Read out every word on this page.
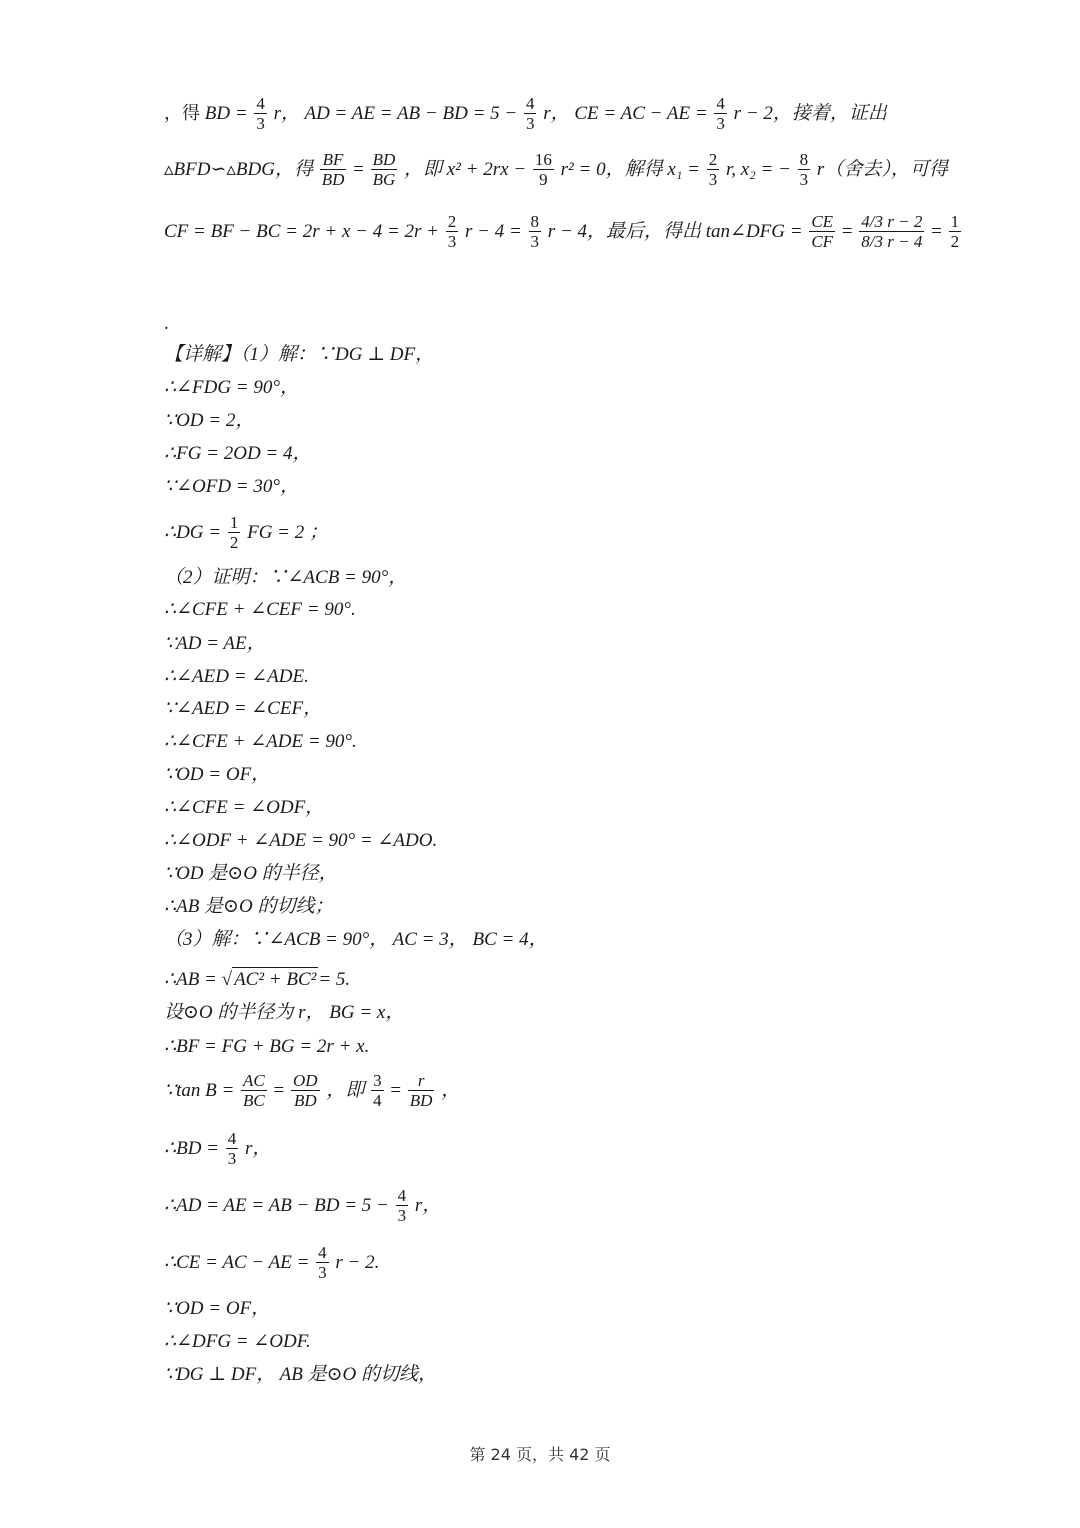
，得 BD = $\frac{4}{3}$ r， AD = AE = AB − BD = $5 - \frac{4}{3}$ r， CE = AC − AE = $\frac{4}{3}$ r − 2，接着，证出
▵BFD∽▵BDG，得 $\frac{BF}{BD} = \frac{BD}{BG}$ ，即 $x^2 + 2rx - \frac{16}{9} r^2 = 0$，解得 $x_1 = \frac{2}{3} r$, x₂ = − $\frac{8}{3} r$（舍去），可得
CF = BF − BC = $2r + x - 4 = 2r + \frac{2}{3}$ $r - 4 = \frac{8}{3}$ r − 4，最后，得出 tan∠DFG = $\frac{CE}{CF} = \frac{4/3 r - 2}{8/3 r - 4} = \frac{1}{2}$
.
【详解】（1）解：∵DG ⊥ DF，
∴∠FDG = 90°，
∵OD = 2，
∴FG = 2OD = 4，
∵∠OFD = 30°，
∴DG = $\frac{1}{2}$ FG = 2 ；
（2）证明：∵∠ACB = 90°，
∴∠CFE + ∠CEF = 90°.
∵AD = AE，
∴∠AED = ∠ADE.
∵∠AED = ∠CEF，
∴∠CFE + ∠ADE = 90°.
∵OD = OF，
∴∠CFE = ∠ODF，
∴∠ODF + ∠ADE = 90° = ∠ADO.
∵OD 是⊙O 的半径，
∴AB 是⊙O 的切线；
（3）解：∵∠ACB = 90°， AC = 3， BC = 4，
∴AB = √ AC² + BC²= 5.
设⊙O 的半径为 r， BG = x，
∴BF = FG + BG = 2r + x.
∵tan $B = \frac{AC}{BC} = \frac{OD}{BD}$ ，即 $\frac{3}{4} = \frac{r}{BD}$ ，
∴BD = $\frac{4}{3}$ r，
∴AD = AE = AB − BD = $5 - \frac{4}{3}$ r，
∴CE = AC − AE = $\frac{4}{3}$ r − 2.
∵OD = OF，
∴∠DFG = ∠ODF.
∵DG ⊥ DF， AB 是⊙O 的切线，
第 24 页，共 42 页
